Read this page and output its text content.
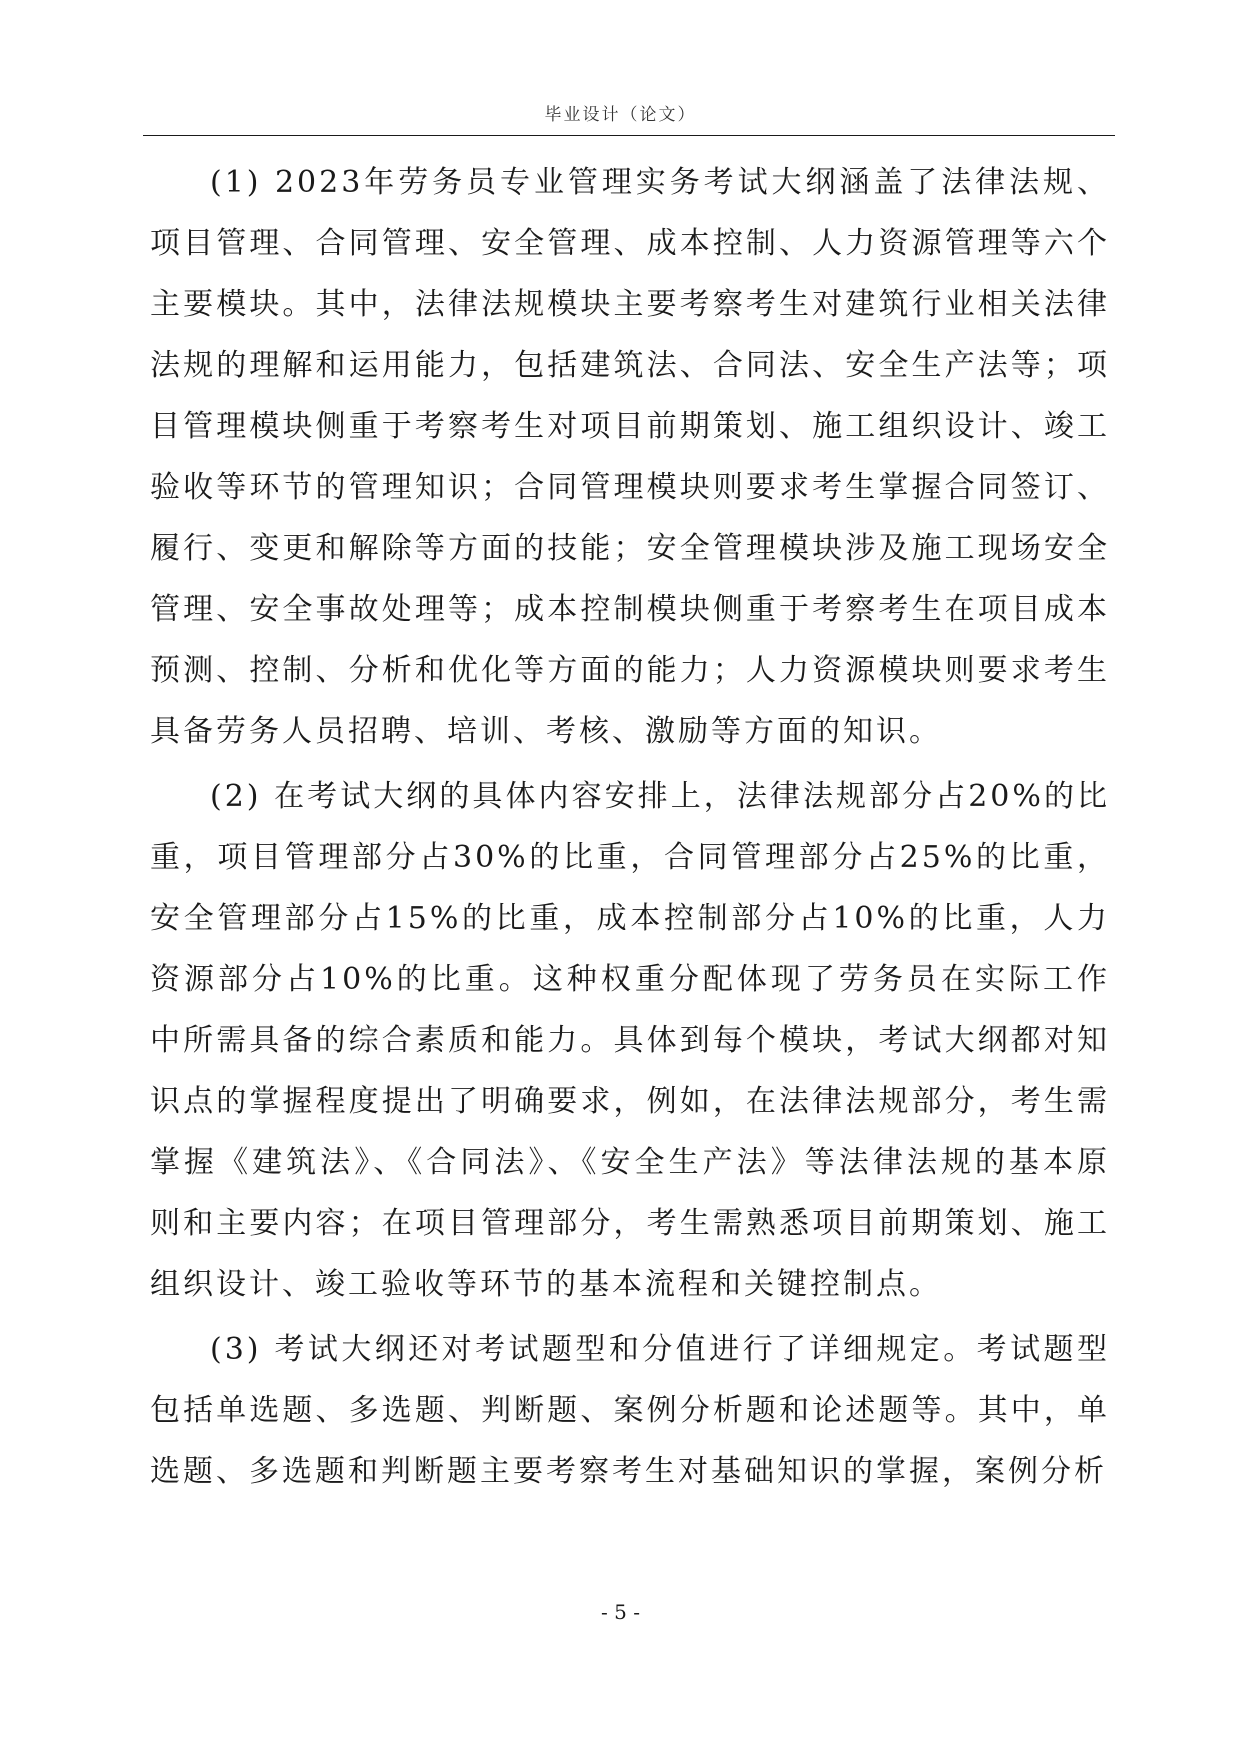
毕业设计（论文）

(1) 2023年劳务员专业管理实务考试大纲涵盖了法律法规、项目管理、合同管理、安全管理、成本控制、人力资源管理等六个主要模块。其中，法律法规模块主要考察考生对建筑行业相关法律法规的理解和运用能力，包括建筑法、合同法、安全生产法等；项目管理模块侧重于考察考生对项目前期策划、施工组织设计、竣工验收等环节的管理知识；合同管理模块则要求考生掌握合同签订、履行、变更和解除等方面的技能；安全管理模块涉及施工现场安全管理、安全事故处理等；成本控制模块侧重于考察考生在项目成本预测、控制、分析和优化等方面的能力；人力资源模块则要求考生具备劳务人员招聘、培训、考核、激励等方面的知识。

(2) 在考试大纲的具体内容安排上，法律法规部分占20%的比重，项目管理部分占30%的比重，合同管理部分占25%的比重，安全管理部分占15%的比重，成本控制部分占10%的比重，人力资源部分占10%的比重。这种权重分配体现了劳务员在实际工作中所需具备的综合素质和能力。具体到每个模块，考试大纲都对知识点的掌握程度提出了明确要求，例如，在法律法规部分，考生需掌握《建筑法》、《合同法》、《安全生产法》等法律法规的基本原则和主要内容；在项目管理部分，考生需熟悉项目前期策划、施工组织设计、竣工验收等环节的基本流程和关键控制点。

(3) 考试大纲还对考试题型和分值进行了详细规定。考试题型包括单选题、多选题、判断题、案例分析题和论述题等。其中，单选题、多选题和判断题主要考察考生对基础知识的掌握，案例分析

- 5 -
